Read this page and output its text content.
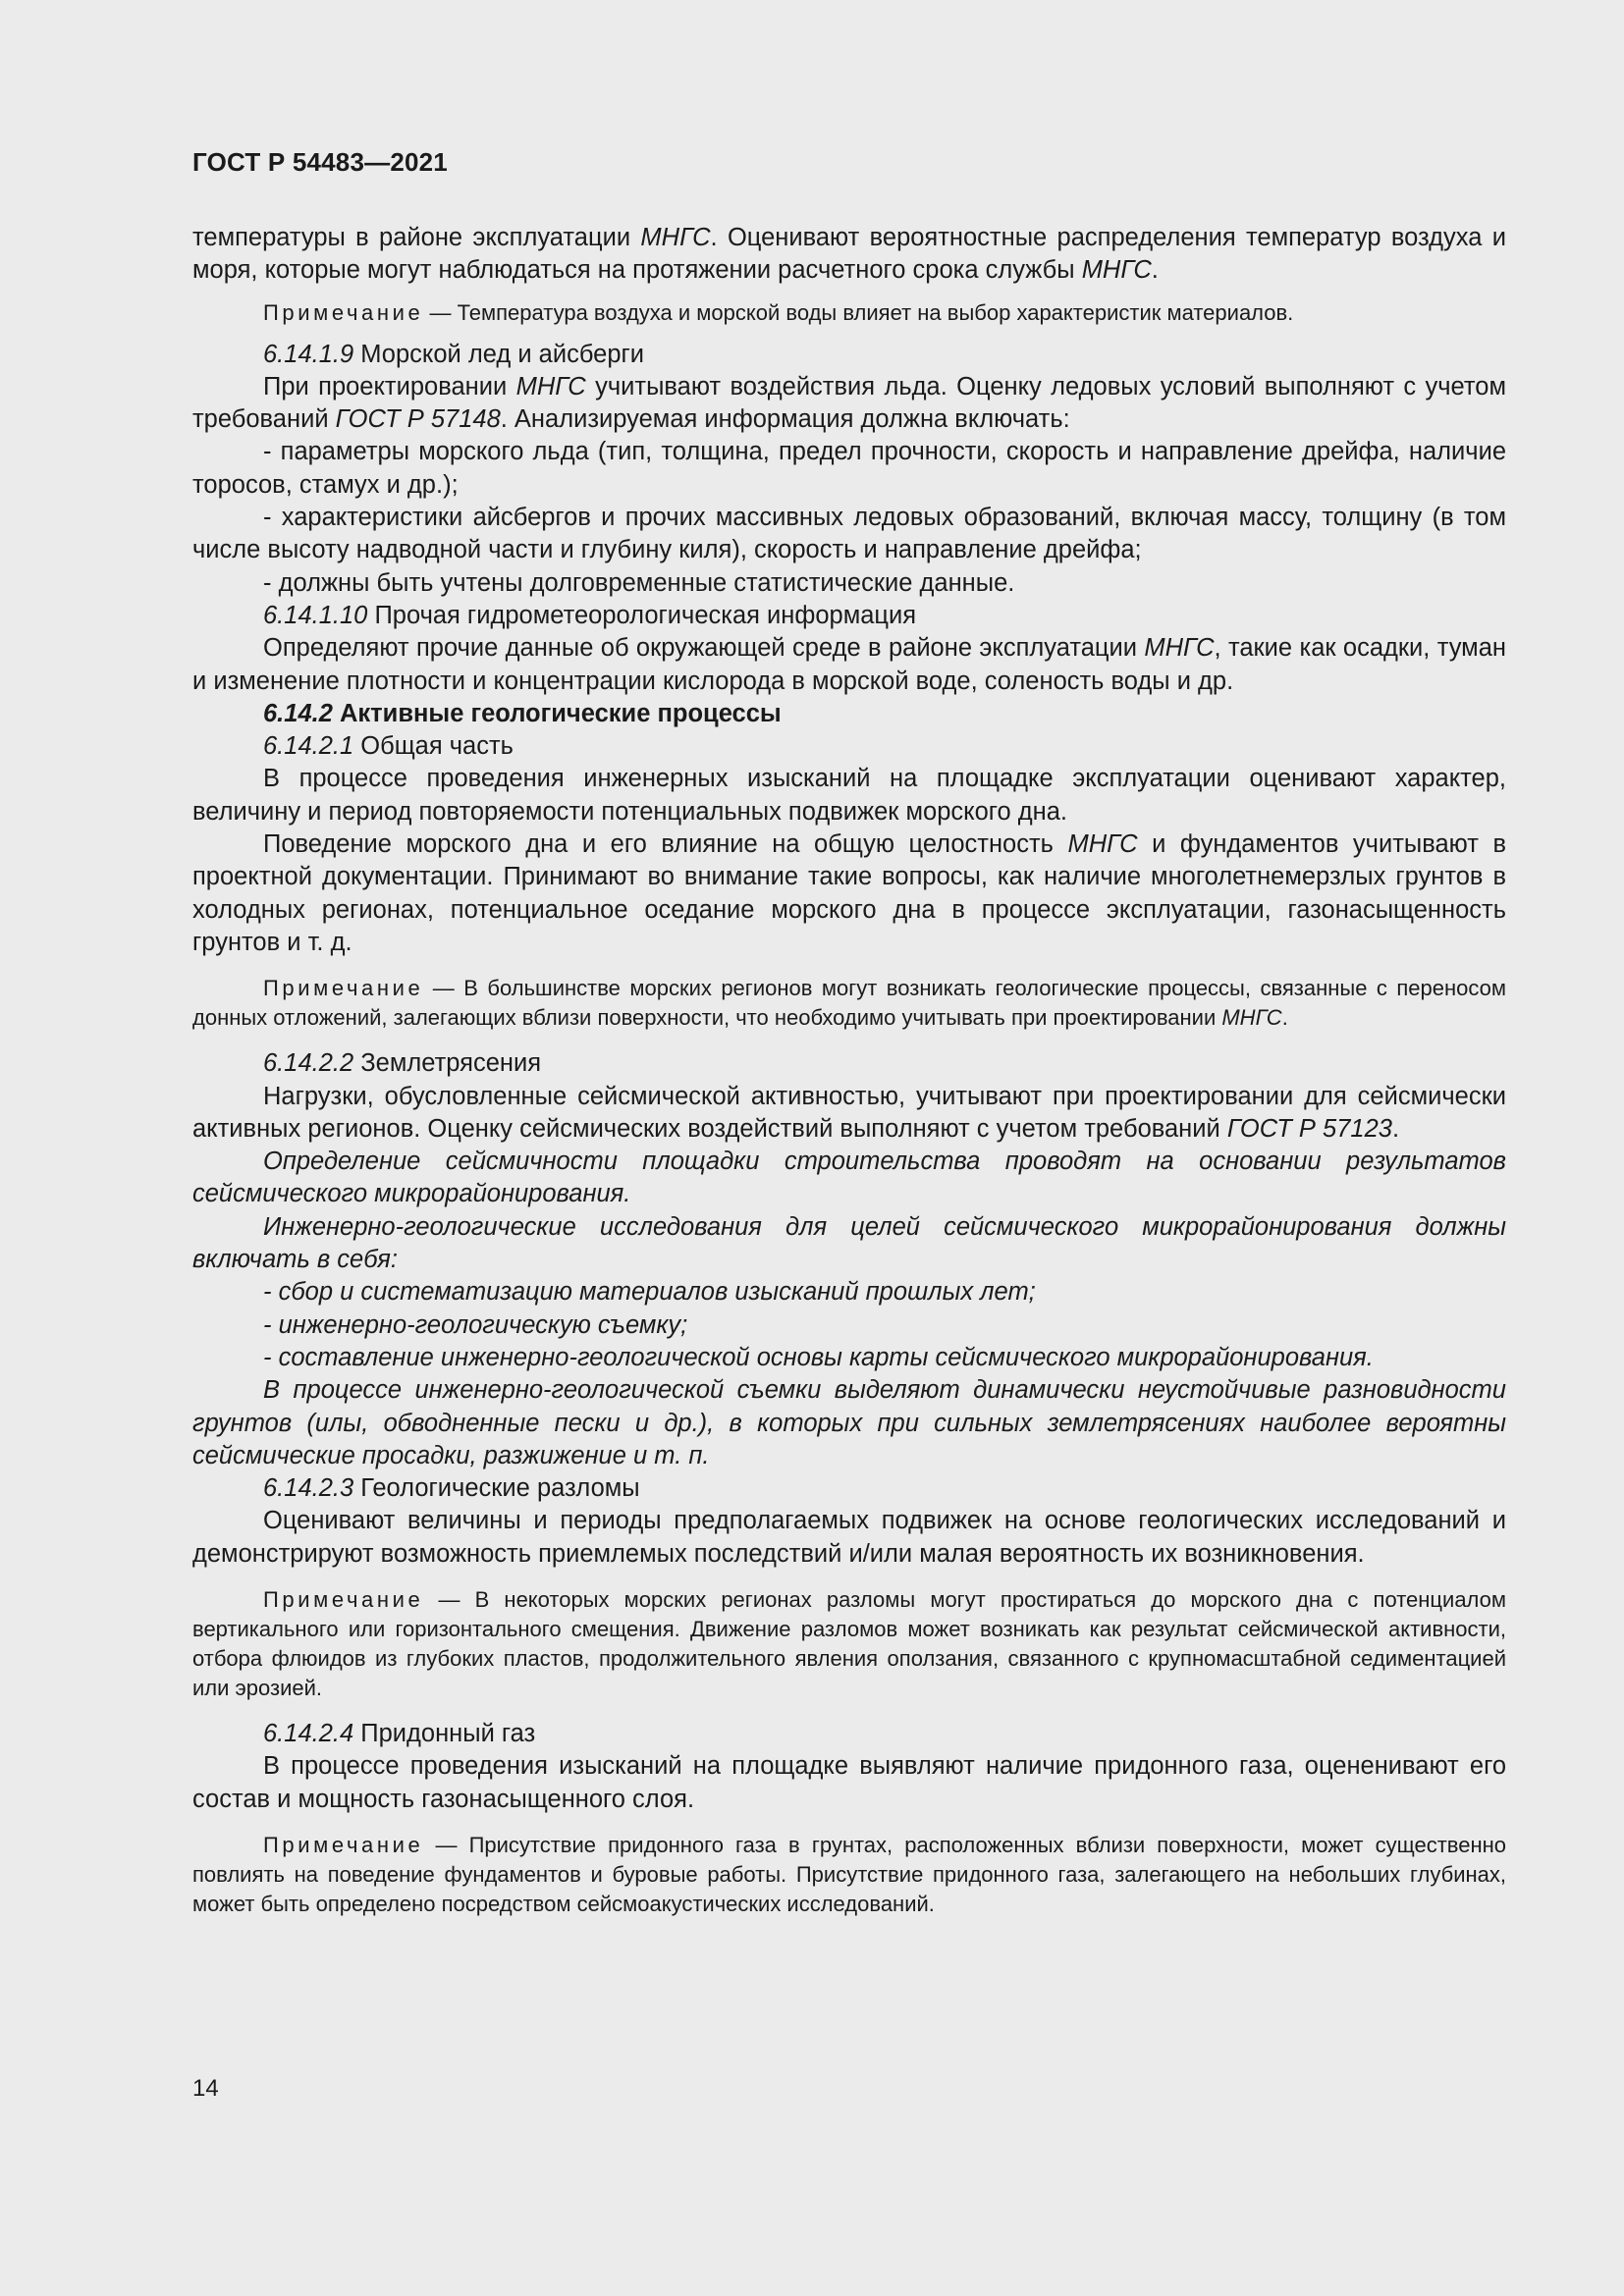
ГОСТ Р 54483—2021

температуры в районе эксплуатации МНГС. Оценивают вероятностные распределения температур воздуха и моря, которые могут наблюдаться на протяжении расчетного срока службы МНГС.

Примечание — Температура воздуха и морской воды влияет на выбор характеристик материалов.

6.14.1.9 Морской лед и айсберги

При проектировании МНГС учитывают воздействия льда. Оценку ледовых условий выполняют с учетом требований ГОСТ Р 57148. Анализируемая информация должна включать:

- параметры морского льда (тип, толщина, предел прочности, скорость и направление дрейфа, наличие торосов, стамух и др.);

- характеристики айсбергов и прочих массивных ледовых образований, включая массу, толщину (в том числе высоту надводной части и глубину киля), скорость и направление дрейфа;

- должны быть учтены долговременные статистические данные.

6.14.1.10 Прочая гидрометеорологическая информация

Определяют прочие данные об окружающей среде в районе эксплуатации МНГС, такие как осадки, туман и изменение плотности и концентрации кислорода в морской воде, соленость воды и др.

6.14.2 Активные геологические процессы

6.14.2.1 Общая часть

В процессе проведения инженерных изысканий на площадке эксплуатации оценивают характер, величину и период повторяемости потенциальных подвижек морского дна.

Поведение морского дна и его влияние на общую целостность МНГС и фундаментов учитывают в проектной документации. Принимают во внимание такие вопросы, как наличие многолетнемерзлых грунтов в холодных регионах, потенциальное оседание морского дна в процессе эксплуатации, газонасыщенность грунтов и т. д.

Примечание — В большинстве морских регионов могут возникать геологические процессы, связанные с переносом донных отложений, залегающих вблизи поверхности, что необходимо учитывать при проектировании МНГС.

6.14.2.2 Землетрясения

Нагрузки, обусловленные сейсмической активностью, учитывают при проектировании для сейсмически активных регионов. Оценку сейсмических воздействий выполняют с учетом требований ГОСТ Р 57123.

Определение сейсмичности площадки строительства проводят на основании результатов сейсмического микрорайонирования.

Инженерно-геологические исследования для целей сейсмического микрорайонирования должны включать в себя:

- сбор и систематизацию материалов изысканий прошлых лет;

- инженерно-геологическую съемку;

- составление инженерно-геологической основы карты сейсмического микрорайонирования.

В процессе инженерно-геологической съемки выделяют динамически неустойчивые разновидности грунтов (илы, обводненные пески и др.), в которых при сильных землетрясениях наиболее вероятны сейсмические просадки, разжижение и т. п.

6.14.2.3 Геологические разломы

Оценивают величины и периоды предполагаемых подвижек на основе геологических исследований и демонстрируют возможность приемлемых последствий и/или малая вероятность их возникновения.

Примечание — В некоторых морских регионах разломы могут простираться до морского дна с потенциалом вертикального или горизонтального смещения. Движение разломов может возникать как результат сейсмической активности, отбора флюидов из глубоких пластов, продолжительного явления оползания, связанного с крупномасштабной седиментацией или эрозией.

6.14.2.4 Придонный газ

В процессе проведения изысканий на площадке выявляют наличие придонного газа, оцененивают его состав и мощность газонасыщенного слоя.

Примечание — Присутствие придонного газа в грунтах, расположенных вблизи поверхности, может существенно повлиять на поведение фундаментов и буровые работы. Присутствие придонного газа, залегающего на небольших глубинах, может быть определено посредством сейсмоакустических исследований.

14
